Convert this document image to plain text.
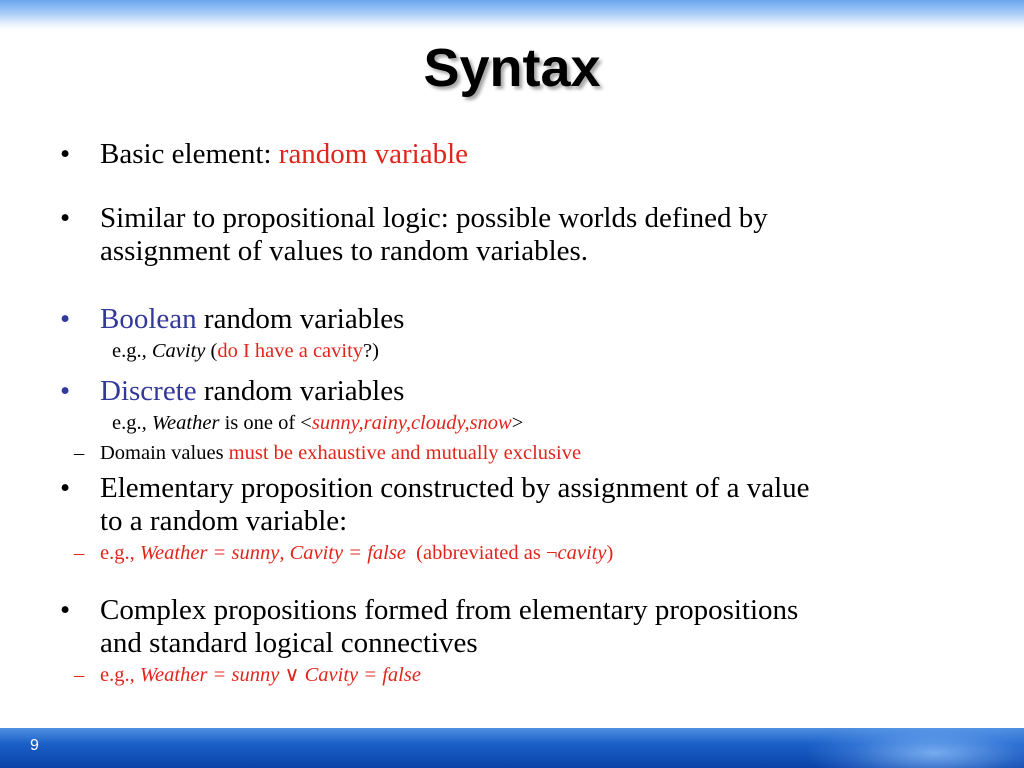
Syntax
• Basic element: random variable
• Similar to propositional logic: possible worlds defined by
assignment of values to random variables.
• Boolean random variables
e.g., Cavity (do I have a cavity?)
• Discrete random variables
e.g., Weather is one of <sunny,rainy,cloudy,snow>
– Domain values must be exhaustive and mutually exclusive
• Elementary proposition constructed by assignment of a value
to a random variable:
– e.g., Weather = sunny, Cavity = false  (abbreviated as ¬cavity)
• Complex propositions formed from elementary propositions
and standard logical connectives
– e.g., Weather = sunny ∨ Cavity = false
9
